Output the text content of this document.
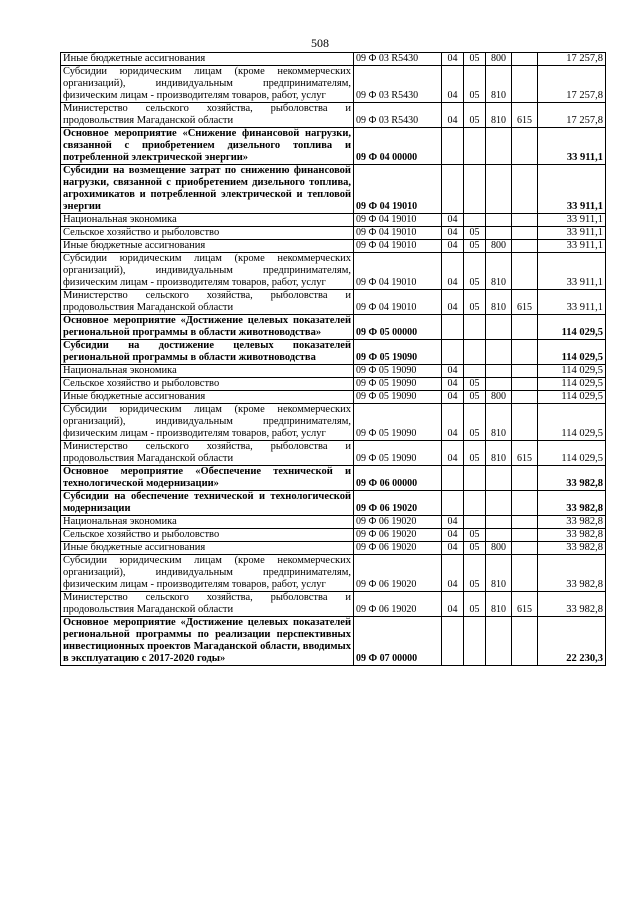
508
Иные бюджетные ассигнования	09 Ф 03 R5430	04	05	800		17 257,8
Субсидии юридическим лицам (кроме некоммерческих организаций), индивидуальным предпринимателям, физическим лицам - производителям товаров, работ, услуг	09 Ф 03 R5430	04	05	810		17 257,8
Министерство сельского хозяйства, рыболовства и продовольствия Магаданской области	09 Ф 03 R5430	04	05	810	615	17 257,8
Основное мероприятие «Снижение финансовой нагрузки, связанной с приобретением дизельного топлива и потребленной электрической энергии»	09 Ф 04 00000					33 911,1
Субсидии на возмещение затрат по снижению финансовой нагрузки, связанной с приобретением дизельного топлива, агрохимикатов и потребленной электрической и тепловой энергии	09 Ф 04 19010					33 911,1
Национальная экономика	09 Ф 04 19010	04				33 911,1
Сельское хозяйство и рыболовство	09 Ф 04 19010	04	05			33 911,1
Иные бюджетные ассигнования	09 Ф 04 19010	04	05	800		33 911,1
Субсидии юридическим лицам (кроме некоммерческих организаций), индивидуальным предпринимателям, физическим лицам - производителям товаров, работ, услуг	09 Ф 04 19010	04	05	810		33 911,1
Министерство сельского хозяйства, рыболовства и продовольствия Магаданской области	09 Ф 04 19010	04	05	810	615	33 911,1
Основное мероприятие «Достижение целевых показателей региональной программы в области животноводства»	09 Ф 05 00000					114 029,5
Субсидии на достижение целевых показателей региональной программы в области животноводства	09 Ф 05 19090					114 029,5
Национальная экономика	09 Ф 05 19090	04				114 029,5
Сельское хозяйство и рыболовство	09 Ф 05 19090	04	05			114 029,5
Иные бюджетные ассигнования	09 Ф 05 19090	04	05	800		114 029,5
Субсидии юридическим лицам (кроме некоммерческих организаций), индивидуальным предпринимателям, физическим лицам - производителям товаров, работ, услуг	09 Ф 05 19090	04	05	810		114 029,5
Министерство сельского хозяйства, рыболовства и продовольствия Магаданской области	09 Ф 05 19090	04	05	810	615	114 029,5
Основное мероприятие «Обеспечение технической и технологической модернизации»	09 Ф 06 00000					33 982,8
Субсидии на обеспечение технической и технологической модернизации	09 Ф 06 19020					33 982,8
Национальная экономика	09 Ф 06 19020	04				33 982,8
Сельское хозяйство и рыболовство	09 Ф 06 19020	04	05			33 982,8
Иные бюджетные ассигнования	09 Ф 06 19020	04	05	800		33 982,8
Субсидии юридическим лицам (кроме некоммерческих организаций), индивидуальным предпринимателям, физическим лицам - производителям товаров, работ, услуг	09 Ф 06 19020	04	05	810		33 982,8
Министерство сельского хозяйства, рыболовства и продовольствия Магаданской области	09 Ф 06 19020	04	05	810	615	33 982,8
Основное мероприятие «Достижение целевых показателей региональной программы по реализации перспективных инвестиционных проектов Магаданской области, вводимых в эксплуатацию с 2017-2020 годы»	09 Ф 07 00000					22 230,3
